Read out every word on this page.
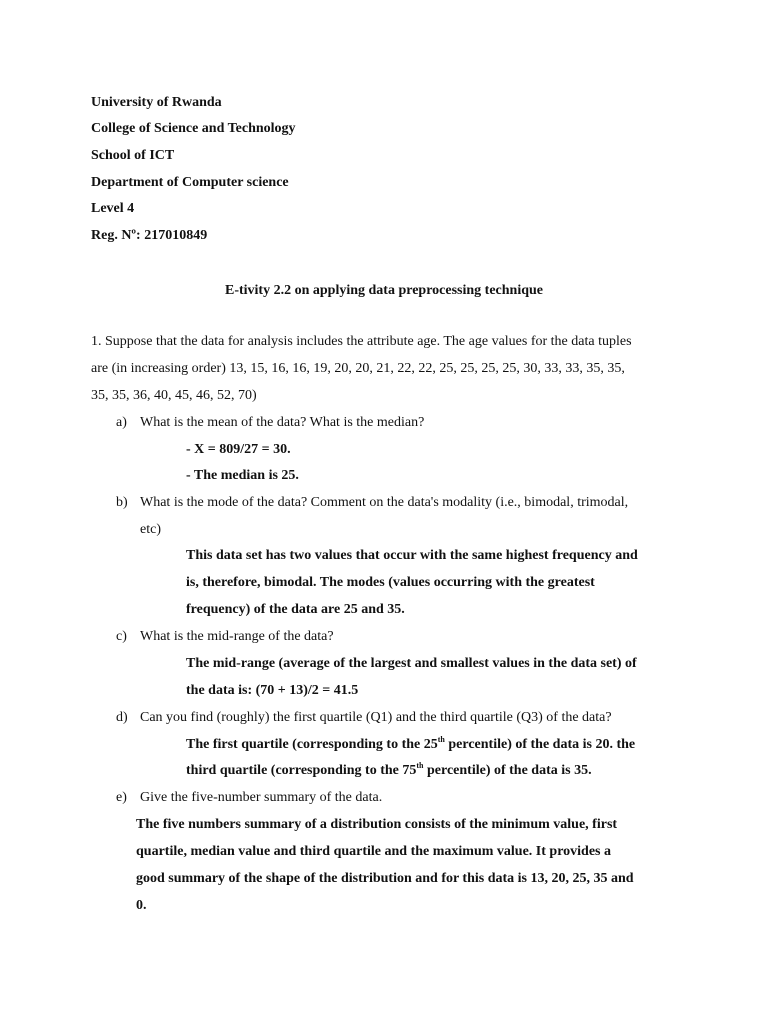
University of Rwanda
College of Science and Technology
School of ICT
Department of Computer science
Level 4
Reg. Nº: 217010849
E-tivity 2.2 on applying data preprocessing technique
1. Suppose that the data for analysis includes the attribute age. The age values for the data tuples
are (in increasing order) 13, 15, 16, 16, 19, 20, 20, 21, 22, 22, 25, 25, 25, 25, 30, 33, 33, 35, 35,
35, 35, 36, 40, 45, 46, 52, 70)
a) What is the mean of the data? What is the median?
- X = 809/27 = 30.
- The median is 25.
b) What is the mode of the data? Comment on the data's modality (i.e., bimodal, trimodal,
etc)
This data set has two values that occur with the same highest frequency and
is, therefore, bimodal. The modes (values occurring with the greatest
frequency) of the data are 25 and 35.
c) What is the mid-range of the data?
The mid-range (average of the largest and smallest values in the data set) of
the data is: (70 + 13)/2 = 41.5
d) Can you find (roughly) the first quartile (Q1) and the third quartile (Q3) of the data?
The first quartile (corresponding to the 25th percentile) of the data is 20. the
third quartile (corresponding to the 75th percentile) of the data is 35.
e) Give the five-number summary of the data.
The five numbers summary of a distribution consists of the minimum value, first
quartile, median value and third quartile and the maximum value. It provides a
good summary of the shape of the distribution and for this data is 13, 20, 25, 35 and
0.
